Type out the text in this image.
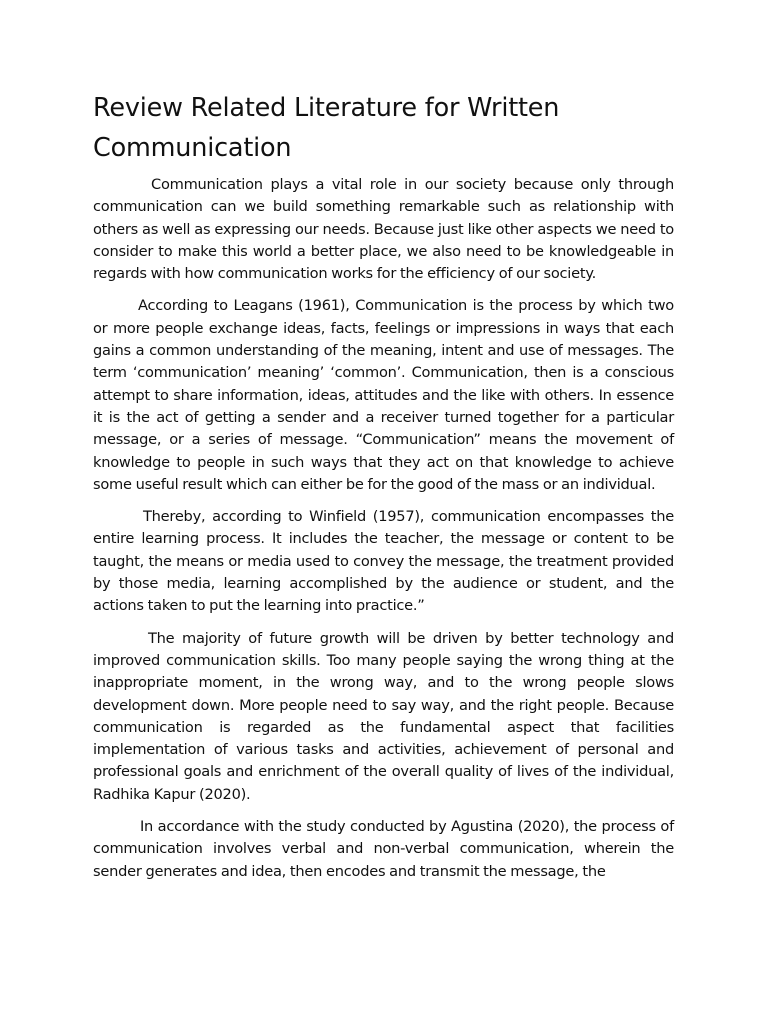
Review Related Literature for Written Communication

Communication plays a vital role in our society because only through communication can we build something remarkable such as relationship with others as well as expressing our needs. Because just like other aspects we need to consider to make this world a better place, we also need to be knowledgeable in regards with how communication works for the efficiency of our society.

According to Leagans (1961), Communication is the process by which two or more people exchange ideas, facts, feelings or impressions in ways that each gains a common understanding of the meaning, intent and use of messages. The term ‘communication’ meaning’ ‘common’. Communication, then is a conscious attempt to share information, ideas, attitudes and the like with others. In essence it is the act of getting a sender and a receiver turned together for a particular message, or a series of message. “Communication” means the movement of knowledge to people in such ways that they act on that knowledge to achieve some useful result which can either be for the good of the mass or an individual.

Thereby, according to Winfield (1957), communication encompasses the entire learning process. It includes the teacher, the message or content to be taught, the means or media used to convey the message, the treatment provided by those media, learning accomplished by the audience or student, and the actions taken to put the learning into practice.”

The majority of future growth will be driven by better technology and improved communication skills. Too many people saying the wrong thing at the inappropriate moment, in the wrong way, and to the wrong people slows development down. More people need to say way, and the right people. Because communication is regarded as the fundamental aspect that facilities implementation of various tasks and activities, achievement of personal and professional goals and enrichment of the overall quality of lives of the individual, Radhika Kapur (2020).

In accordance with the study conducted by Agustina (2020), the process of communication involves verbal and non-verbal communication, wherein the sender generates and idea, then encodes and transmit the message, the
